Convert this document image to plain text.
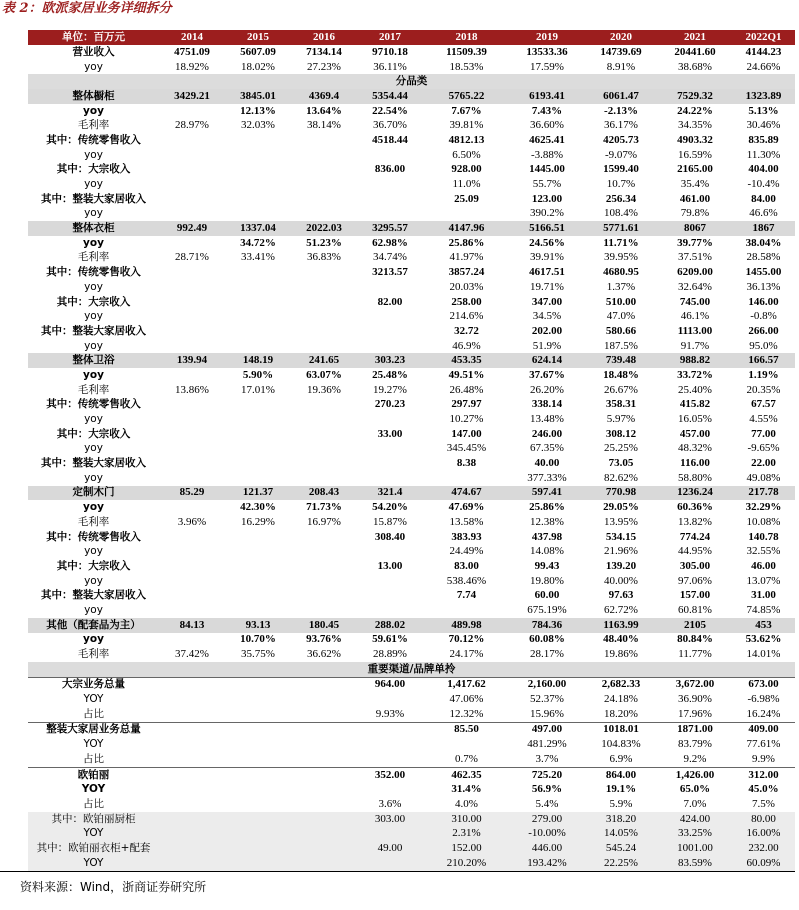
表 2：欧派家居业务详细拆分
单位：百万元	2014	2015	2016	2017	2018	2019	2020	2021	2022Q1
营业收入	4751.09	5607.09	7134.14	9710.18	11509.39	13533.36	14739.69	20441.60	4144.23
yoy	18.92%	18.02%	27.23%	36.11%	18.53%	17.59%	8.91%	38.68%	24.66%
分品类									
整体橱柜	3429.21	3845.01	4369.4	5354.44	5765.22	6193.41	6061.47	7529.32	1323.89
yoy		12.13%	13.64%	22.54%	7.67%	7.43%	-2.13%	24.22%	5.13%
毛利率	28.97%	32.03%	38.14%	36.70%	39.81%	36.60%	36.17%	34.35%	30.46%
其中：传统零售收入				4518.44	4812.13	4625.41	4205.73	4903.32	835.89
yoy					6.50%	-3.88%	-9.07%	16.59%	11.30%
其中：大宗收入				836.00	928.00	1445.00	1599.40	2165.00	404.00
yoy					11.0%	55.7%	10.7%	35.4%	-10.4%
其中：整装大家居收入					25.09	123.00	256.34	461.00	84.00
yoy						390.2%	108.4%	79.8%	46.6%
整体衣柜	992.49	1337.04	2022.03	3295.57	4147.96	5166.51	5771.61	8067	1867
yoy		34.72%	51.23%	62.98%	25.86%	24.56%	11.71%	39.77%	38.04%
毛利率	28.71%	33.41%	36.83%	34.74%	41.97%	39.91%	39.95%	37.51%	28.58%
其中：传统零售收入				3213.57	3857.24	4617.51	4680.95	6209.00	1455.00
yoy					20.03%	19.71%	1.37%	32.64%	36.13%
其中：大宗收入				82.00	258.00	347.00	510.00	745.00	146.00
yoy					214.6%	34.5%	47.0%	46.1%	-0.8%
其中：整装大家居收入					32.72	202.00	580.66	1113.00	266.00
yoy					46.9%	51.9%	187.5%	91.7%	95.0%
整体卫浴	139.94	148.19	241.65	303.23	453.35	624.14	739.48	988.82	166.57
yoy		5.90%	63.07%	25.48%	49.51%	37.67%	18.48%	33.72%	1.19%
毛利率	13.86%	17.01%	19.36%	19.27%	26.48%	26.20%	26.67%	25.40%	20.35%
其中：传统零售收入				270.23	297.97	338.14	358.31	415.82	67.57
yoy					10.27%	13.48%	5.97%	16.05%	4.55%
其中：大宗收入				33.00	147.00	246.00	308.12	457.00	77.00
yoy					345.45%	67.35%	25.25%	48.32%	-9.65%
其中：整装大家居收入					8.38	40.00	73.05	116.00	22.00
yoy						377.33%	82.62%	58.80%	49.08%
定制木门	85.29	121.37	208.43	321.4	474.67	597.41	770.98	1236.24	217.78
yoy		42.30%	71.73%	54.20%	47.69%	25.86%	29.05%	60.36%	32.29%
毛利率	3.96%	16.29%	16.97%	15.87%	13.58%	12.38%	13.95%	13.82%	10.08%
其中：传统零售收入				308.40	383.93	437.98	534.15	774.24	140.78
yoy					24.49%	14.08%	21.96%	44.95%	32.55%
其中：大宗收入				13.00	83.00	99.43	139.20	305.00	46.00
yoy					538.46%	19.80%	40.00%	97.06%	13.07%
其中：整装大家居收入					7.74	60.00	97.63	157.00	31.00
yoy						675.19%	62.72%	60.81%	74.85%
其他（配套品为主）	84.13	93.13	180.45	288.02	489.98	784.36	1163.99	2105	453
yoy		10.70%	93.76%	59.61%	70.12%	60.08%	48.40%	80.84%	53.62%
毛利率	37.42%	35.75%	36.62%	28.89%	24.17%	28.17%	19.86%	11.77%	14.01%
重要渠道/品牌单拎									
大宗业务总量				964.00	1,417.62	2,160.00	2,682.33	3,672.00	673.00
YOY					47.06%	52.37%	24.18%	36.90%	-6.98%
占比				9.93%	12.32%	15.96%	18.20%	17.96%	16.24%
整装大家居业务总量					85.50	497.00	1018.01	1871.00	409.00
YOY						481.29%	104.83%	83.79%	77.61%
占比					0.7%	3.7%	6.9%	9.2%	9.9%
欧铂丽				352.00	462.35	725.20	864.00	1,426.00	312.00
YOY					31.4%	56.9%	19.1%	65.0%	45.0%
占比				3.6%	4.0%	5.4%	5.9%	7.0%	7.5%
其中：欧铂丽厨柜				303.00	310.00	279.00	318.20	424.00	80.00
YOY					2.31%	-10.00%	14.05%	33.25%	16.00%
其中：欧铂丽衣柜+配套				49.00	152.00	446.00	545.24	1001.00	232.00
YOY					210.20%	193.42%	22.25%	83.59%	60.09%
资料来源：Wind，浙商证券研究所
